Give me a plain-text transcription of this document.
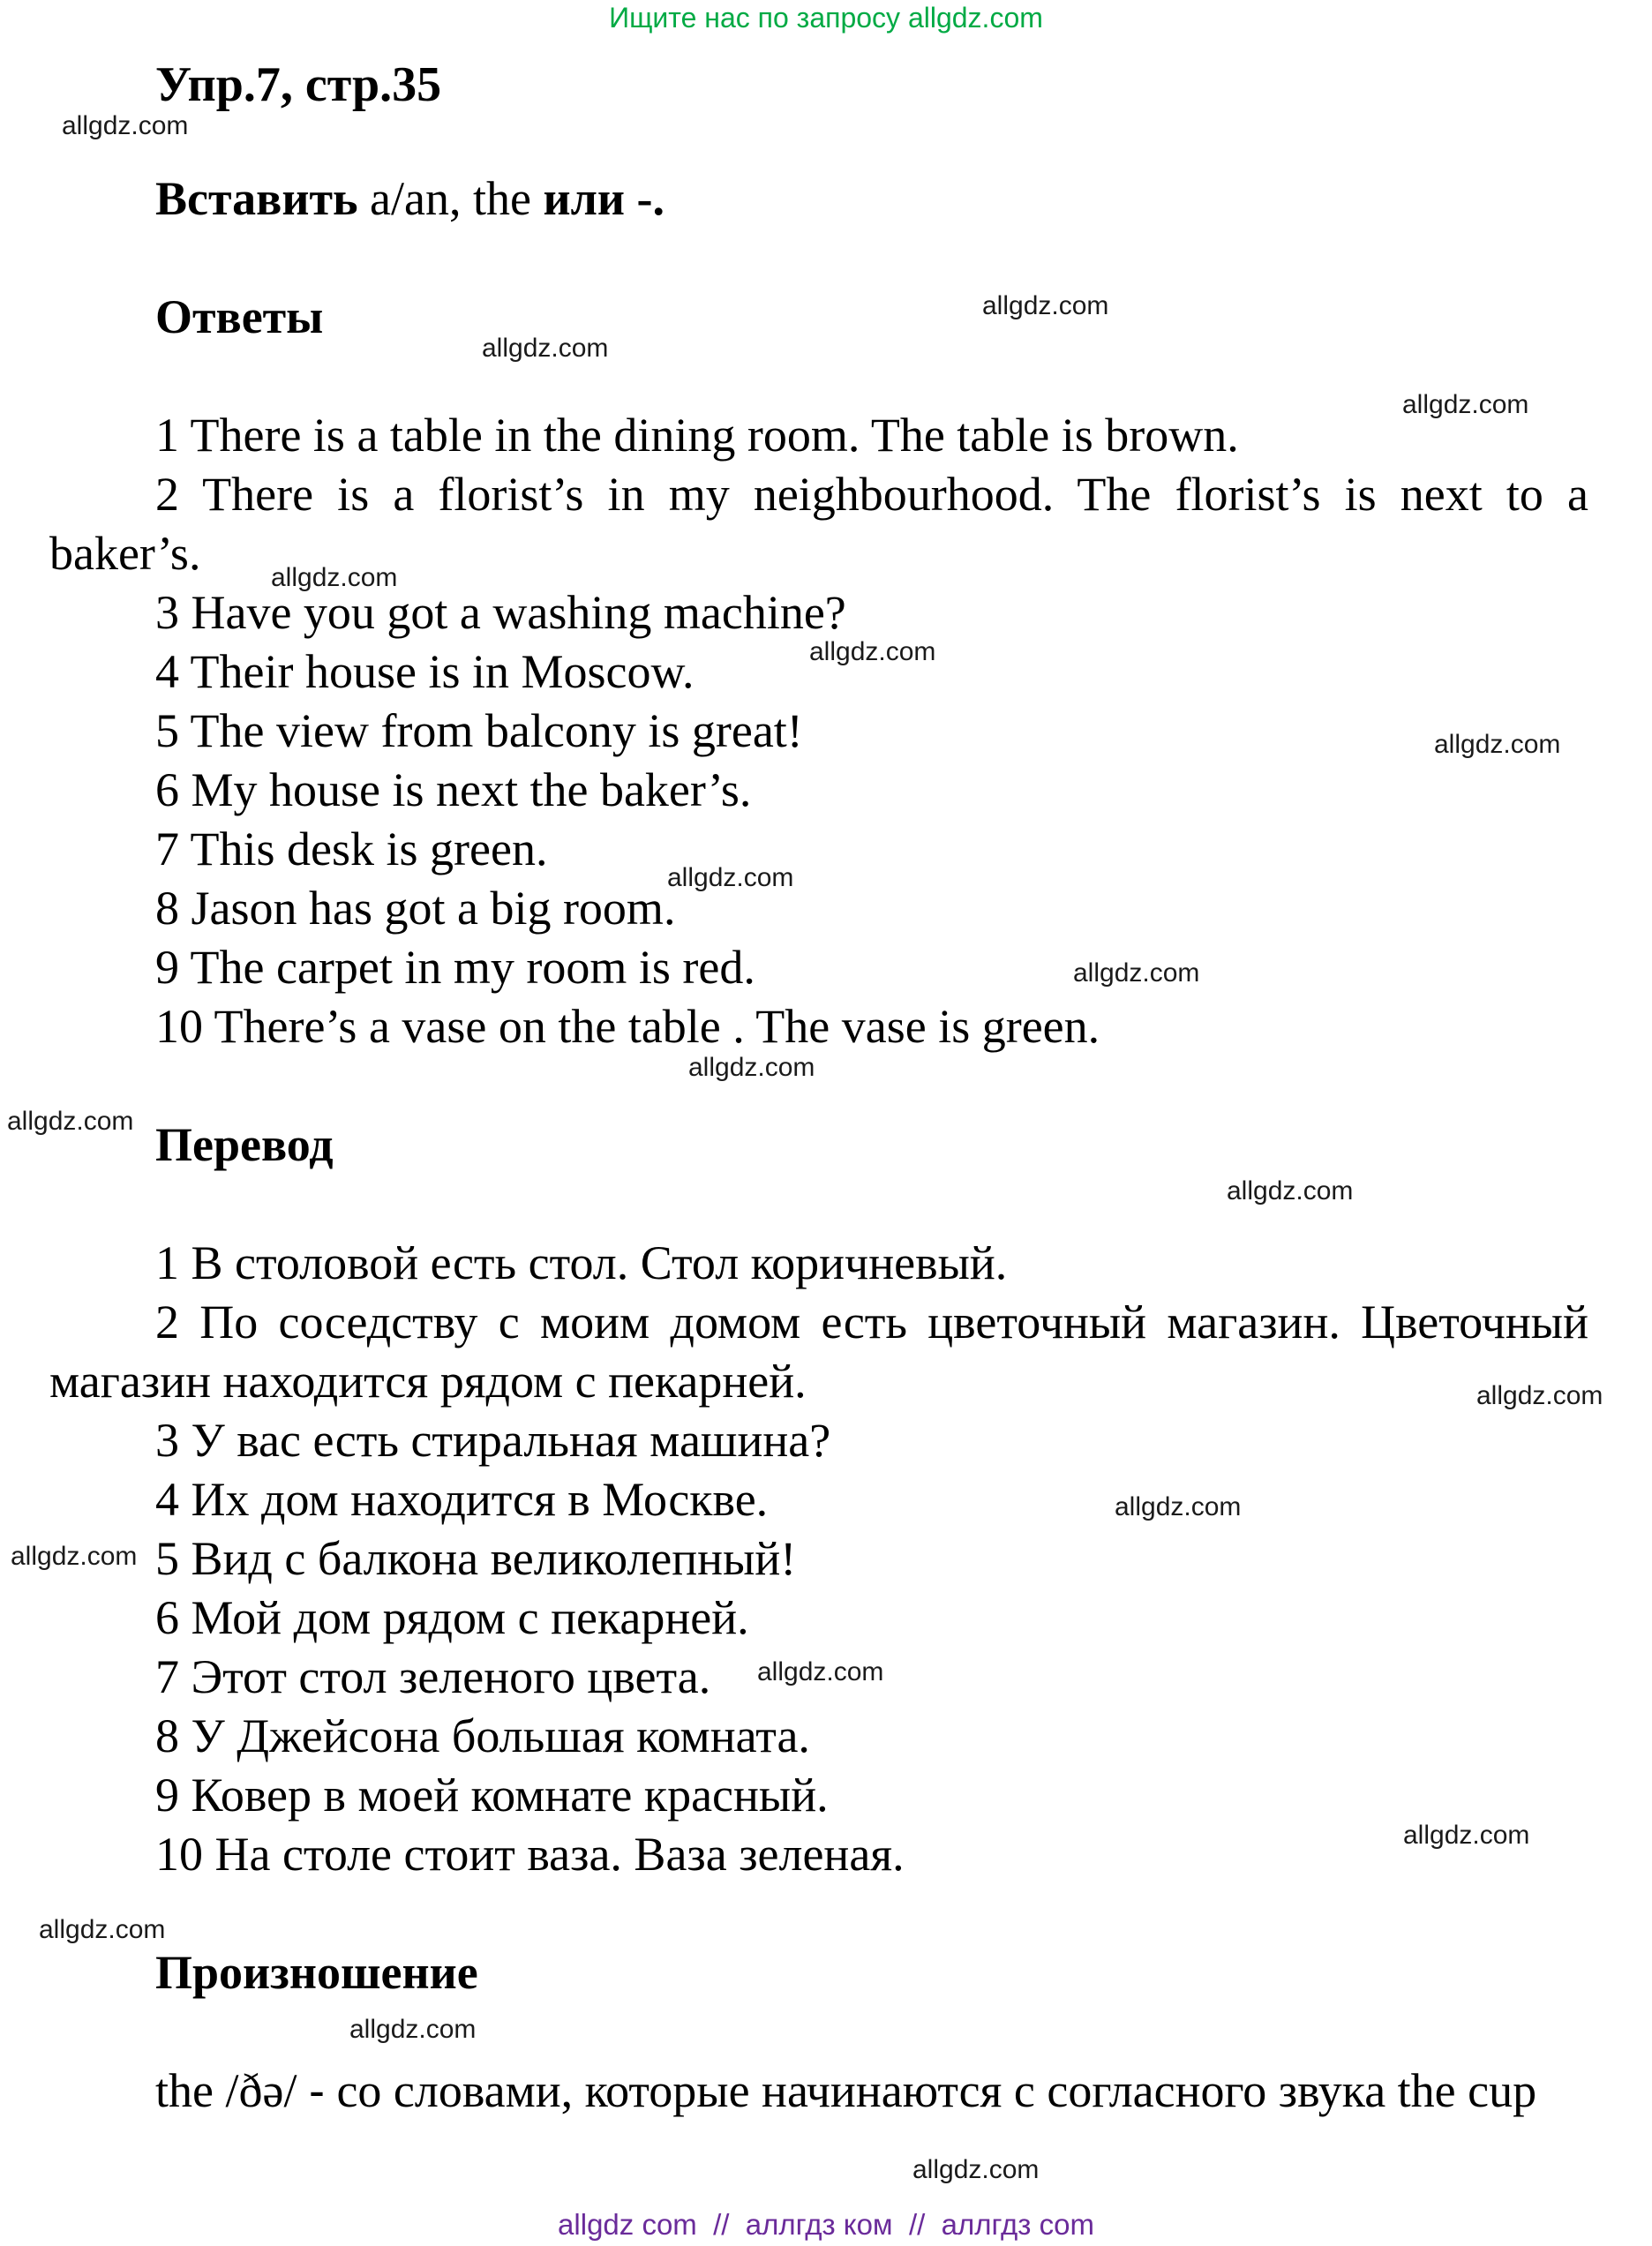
Ищите нас по запросу allgdz.com
Упр.7, стр.35
Вставить a/an, the или -.
Ответы
1 There is a table in the dining room. The table is brown.
2 There is a florist’s in my neighbourhood. The florist’s is next to a baker’s.
3 Have you got a washing machine?
4 Their house is in Moscow.
5 The view from balcony is great!
6 My house is next the baker’s.
7 This desk is green.
8 Jason has got a big room.
9 The carpet in my room is red.
10 There’s a vase on the table . The vase is green.
Перевод
1 В столовой есть стол. Стол коричневый.
2 По соседству с моим домом есть цветочный магазин. Цветочный магазин находится рядом с пекарней.
3 У вас есть стиральная машина?
4 Их дом находится в Москве.
5 Вид с балкона великолепный!
6 Мой дом рядом с пекарней.
7 Этот стол зеленого цвета.
8 У Джейсона большая комната.
9 Ковер в моей комнате красный.
10 На столе стоит ваза. Ваза зеленая.
Произношение

the /ðə/ - со словами, которые начинаются с согласного звука the cup

allgdz.com
allgdz.com
allgdz.com
allgdz.com
allgdz.com
allgdz.com
allgdz.com
allgdz.com
allgdz.com
allgdz.com
allgdz.com
allgdz.com
allgdz.com
allgdz.com
allgdz.com
allgdz.com
allgdz.com
allgdz.com
allgdz.com
allgdz.com
allgdz com  //  аллгдз ком  //  аллгдз com
